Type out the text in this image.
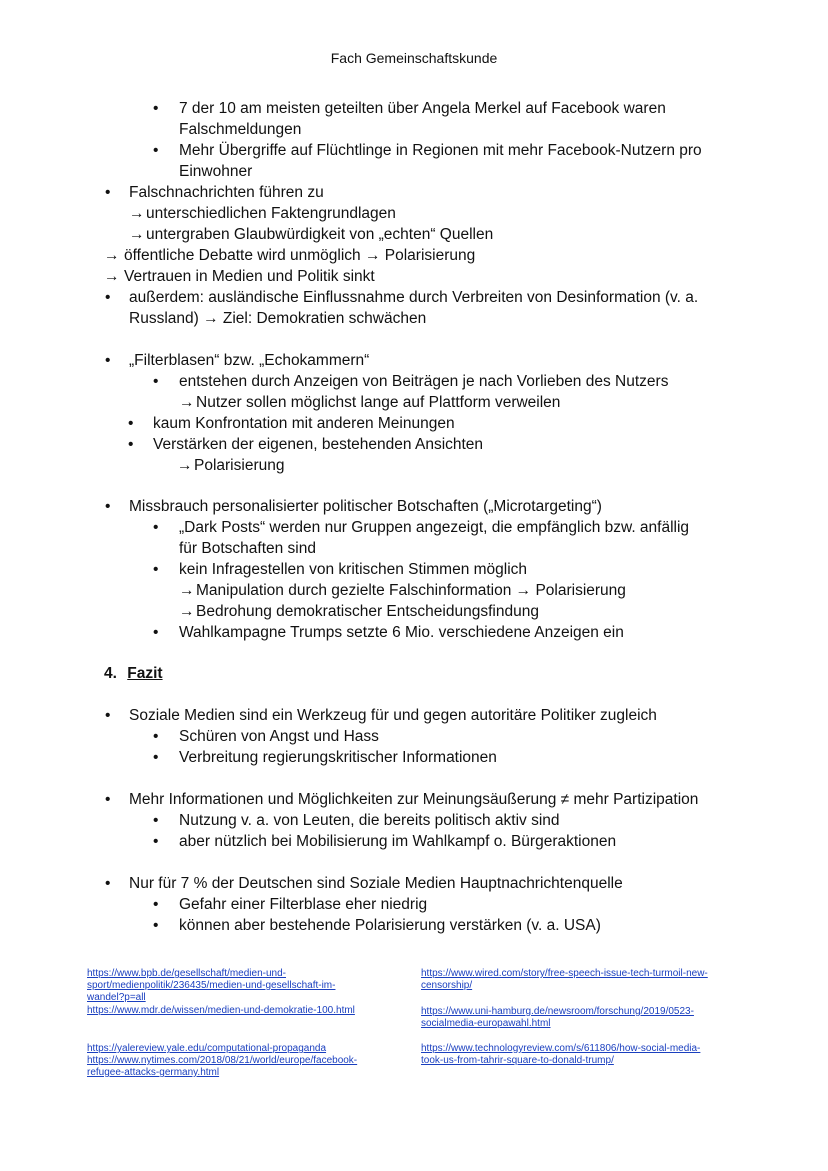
Fach Gemeinschaftskunde
•
7 der 10 am meisten geteilten über Angela Merkel auf Facebook waren
Falschmeldungen
•
Mehr Übergriffe auf Flüchtlinge in Regionen mit mehr Facebook-Nutzern pro
Einwohner
•
Falschnachrichten führen zu
→
unterschiedlichen Faktengrundlagen
→
untergraben Glaubwürdigkeit von „echten“ Quellen
→
öffentliche Debatte wird unmöglich → Polarisierung
→
Vertrauen in Medien und Politik sinkt
•
außerdem: ausländische Einflussnahme durch Verbreiten von Desinformation (v. a.
Russland) → Ziel: Demokratien schwächen
•
„Filterblasen“ bzw. „Echokammern“
•
entstehen durch Anzeigen von Beiträgen je nach Vorlieben des Nutzers
→
Nutzer sollen möglichst lange auf Plattform verweilen
•
kaum Konfrontation mit anderen Meinungen
•
Verstärken der eigenen, bestehenden Ansichten
→
Polarisierung
•
Missbrauch personalisierter politischer Botschaften („Microtargeting“)
•
„Dark Posts“ werden nur Gruppen angezeigt, die empfänglich bzw. anfällig
für Botschaften sind
•
kein Infragestellen von kritischen Stimmen möglich
→
Manipulation durch gezielte Falschinformation → Polarisierung
→
Bedrohung demokratischer Entscheidungsfindung
•
Wahlkampagne Trumps setzte 6 Mio. verschiedene Anzeigen ein
4. Fazit
•
Soziale Medien sind ein Werkzeug für und gegen autoritäre Politiker zugleich
•
Schüren von Angst und Hass
•
Verbreitung regierungskritischer Informationen
•
Mehr Informationen und Möglichkeiten zur Meinungsäußerung ≠ mehr Partizipation
•
Nutzung v. a. von Leuten, die bereits politisch aktiv sind
•
aber nützlich bei Mobilisierung im Wahlkampf o. Bürgeraktionen
•
Nur für 7 % der Deutschen sind Soziale Medien Hauptnachrichtenquelle
•
Gefahr einer Filterblase eher niedrig
•
können aber bestehende Polarisierung verstärken (v. a. USA)
https://www.bpb.de/gesellschaft/medien-und-
sport/medienpolitik/236435/medien-und-gesellschaft-im-
wandel?p=all
https://www.mdr.de/wissen/medien-und-demokratie-100.html
https://yalereview.yale.edu/computational-propaganda
https://www.nytimes.com/2018/08/21/world/europe/facebook-
refugee-attacks-germany.html
https://www.wired.com/story/free-speech-issue-tech-turmoil-new-
censorship/
https://www.uni-hamburg.de/newsroom/forschung/2019/0523-
socialmedia-europawahl.html
https://www.technologyreview.com/s/611806/how-social-media-
took-us-from-tahrir-square-to-donald-trump/
